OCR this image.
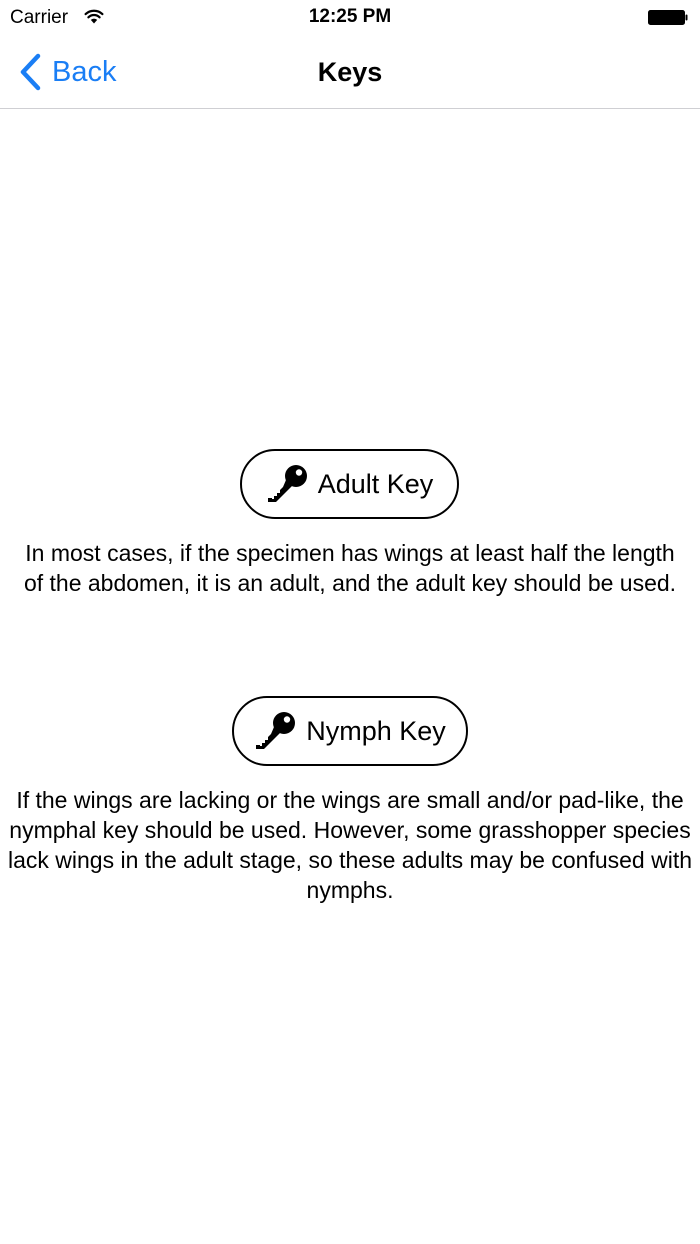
Carrier	12:25 PM
Back	Keys
Adult Key
In most cases, if the specimen has wings at least half the length of the abdomen, it is an adult, and the adult key should be used.
Nymph Key
If the wings are lacking or the wings are small and/or pad-like, the nymphal key should be used. However, some grasshopper species lack wings in the adult stage, so these adults may be confused with nymphs.
